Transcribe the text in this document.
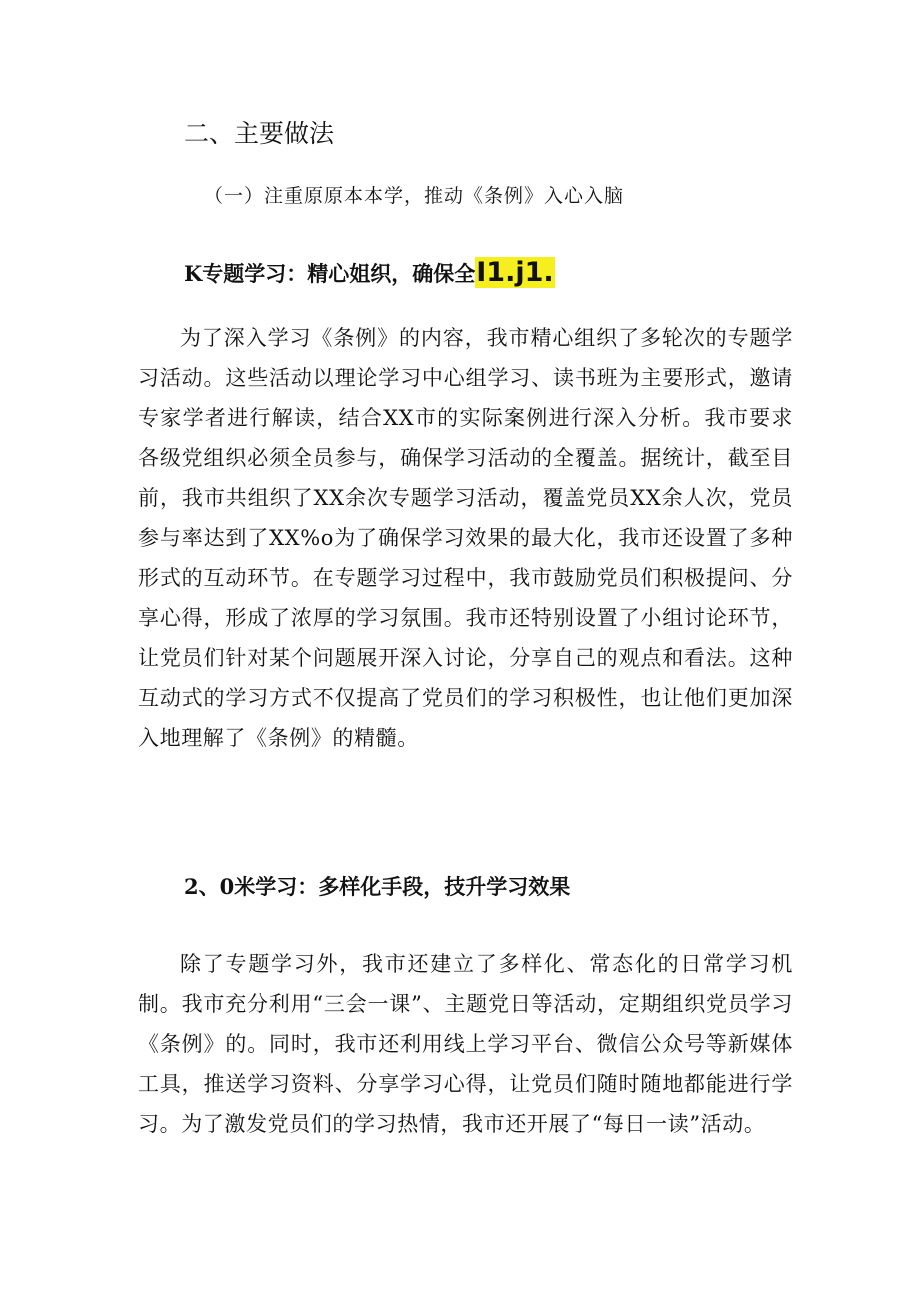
二、主要做法
（一）注重原原本本学，推动《条例》入心入脑
K专题学习：精心姐织，确保全I1.j1.

为了深入学习《条例》的内容，我市精心组织了多轮次的专题学习活动。这些活动以理论学习中心组学习、读书班为主要形式，邀请专家学者进行解读，结合XX市的实际案例进行深入分析。我市要求各级党组织必须全员参与，确保学习活动的全覆盖。据统计，截至目前，我市共组织了XX余次专题学习活动，覆盖党员XX余人次，党员参与率达到了XX%o为了确保学习效果的最大化，我市还设置了多种形式的互动环节。在专题学习过程中，我市鼓励党员们积极提问、分享心得，形成了浓厚的学习氛围。我市还特别设置了小组讨论环节，让党员们针对某个问题展开深入讨论，分享自己的观点和看法。这种互动式的学习方式不仅提高了党员们的学习积极性，也让他们更加深入地理解了《条例》的精髓。

2、0米学习：多样化手段，技升学习效果

除了专题学习外，我市还建立了多样化、常态化的日常学习机制。我市充分利用“三会一课”、主题党日等活动，定期组织党员学习《条例》的。同时，我市还利用线上学习平台、微信公众号等新媒体工具，推送学习资料、分享学习心得，让党员们随时随地都能进行学习。为了激发党员们的学习热情，我市还开展了“每日一读”活动。
